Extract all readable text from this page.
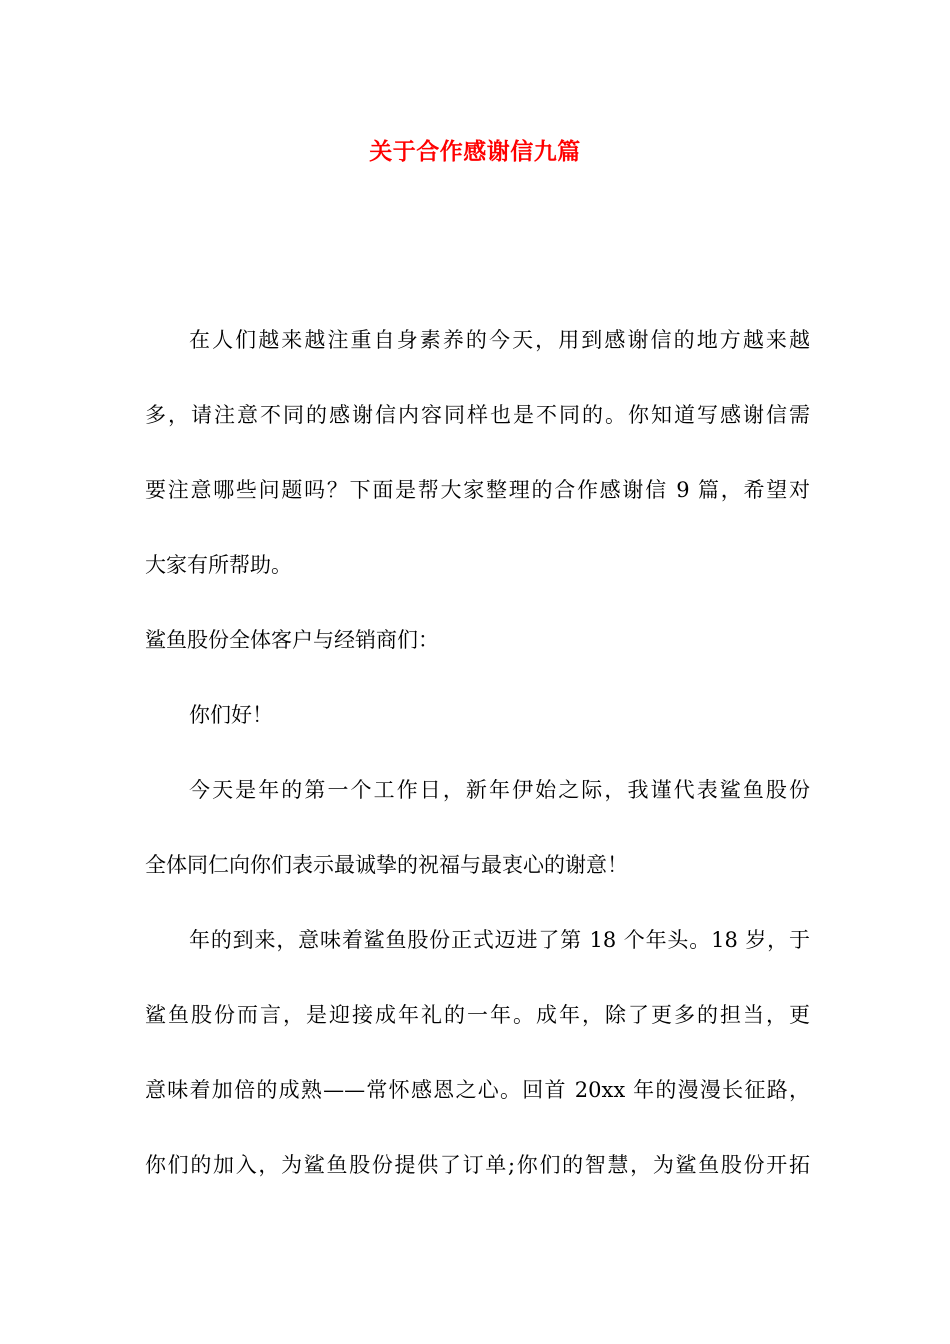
关于合作感谢信九篇
在人们越来越注重自身素养的今天，用到感谢信的地方越来越
多，请注意不同的感谢信内容同样也是不同的。你知道写感谢信需
要注意哪些问题吗？下面是帮大家整理的合作感谢信 9 篇，希望对
大家有所帮助。
鲨鱼股份全体客户与经销商们：
你们好！
今天是年的第一个工作日，新年伊始之际，我谨代表鲨鱼股份
全体同仁向你们表示最诚挚的祝福与最衷心的谢意！
年的到来，意味着鲨鱼股份正式迈进了第 18 个年头。18 岁，于
鲨鱼股份而言，是迎接成年礼的一年。成年，除了更多的担当，更
意味着加倍的成熟——常怀感恩之心。回首 20xx 年的漫漫长征路，
你们的加入，为鲨鱼股份提供了订单;你们的智慧，为鲨鱼股份开拓
